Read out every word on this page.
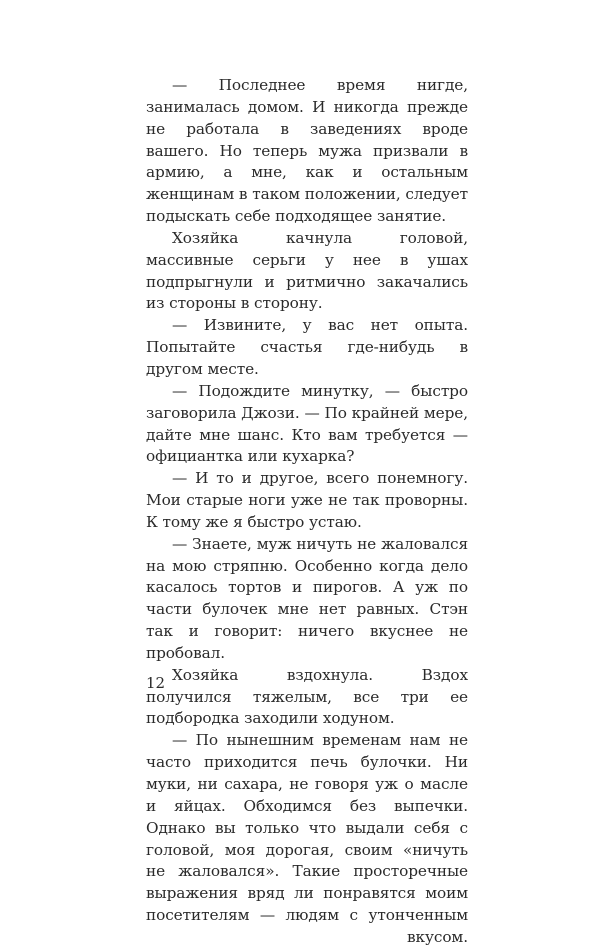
— Последнее время нигде, занималась домом. И никогда прежде не работала в заведениях вроде вашего. Но теперь мужа призвали в армию, а мне, как и остальным женщинам в таком положении, следует подыскать себе подходящее занятие.

Хозяйка качнула головой, массивные серьги у нее в ушах подпрыгнули и ритмично закачались из стороны в сторону.

— Извините, у вас нет опыта. Попытайте счастья где-нибудь в другом месте.

— Подождите минутку, — быстро заговорила Джози. — По крайней мере, дайте мне шанс. Кто вам требуется — официантка или кухарка?

— И то и другое, всего понемногу. Мои старые ноги уже не так проворны. К тому же я быстро устаю.

— Знаете, муж ничуть не жаловался на мою стряпню. Особенно когда дело касалось тортов и пирогов. А уж по части булочек мне нет равных. Стэн так и говорит: ничего вкуснее не пробовал.

Хозяйка вздохнула. Вздох получился тяжелым, все три ее подбородка заходили ходуном.

— По нынешним временам нам не часто приходится печь булочки. Ни муки, ни сахара, не говоря уж о масле и яйцах. Обходимся без выпечки. Однако вы только что выдали себя с головой, моя дорогая, своим «ничуть не жаловался». Такие просторечные выражения вряд ли понравятся моим посетителям — людям с утонченным вкусом.

12
